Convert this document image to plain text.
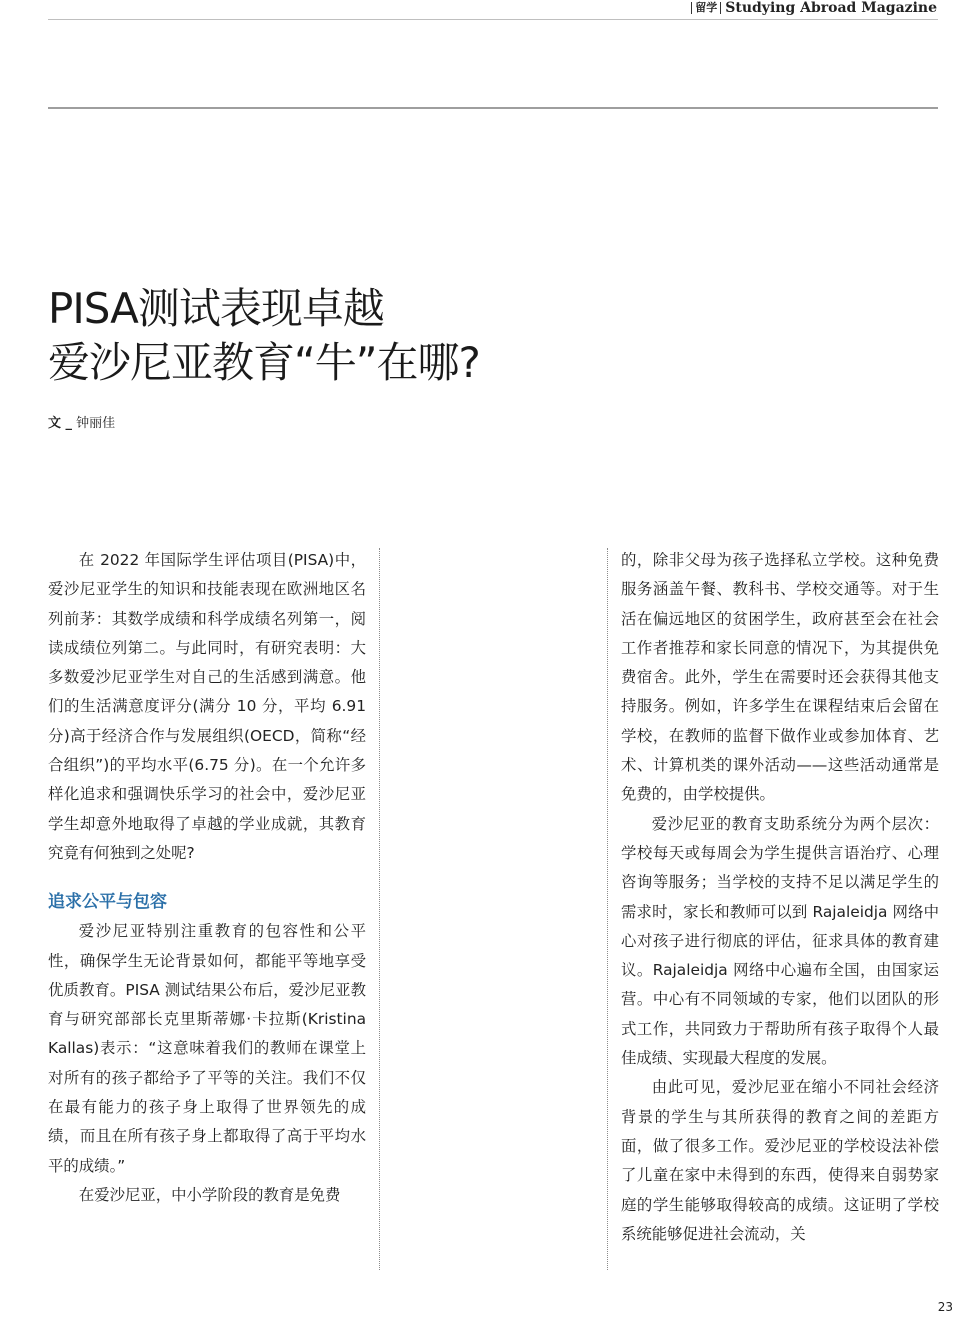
留学 Studying Abroad Magazine
PISA测试表现卓越
爱沙尼亚教育“牛”在哪?
文 _ 钟丽佳

在 2022 年国际学生评估项目(PISA)中，爱沙尼亚学生的知识和技能表现在欧洲地区名列前茅：其数学成绩和科学成绩名列第一，阅读成绩位列第二。与此同时，有研究表明：大多数爱沙尼亚学生对自己的生活感到满意。他们的生活满意度评分(满分 10 分，平均 6.91 分)高于经济合作与发展组织(OECD，简称“经合组织”)的平均水平(6.75 分)。在一个允许多样化追求和强调快乐学习的社会中，爱沙尼亚学生却意外地取得了卓越的学业成就，其教育究竟有何独到之处呢?

追求公平与包容

爱沙尼亚特别注重教育的包容性和公平性，确保学生无论背景如何，都能平等地享受优质教育。PISA 测试结果公布后，爱沙尼亚教育与研究部部长克里斯蒂娜·卡拉斯(Kristina Kallas)表示：“这意味着我们的教师在课堂上对所有的孩子都给予了平等的关注。我们不仅在最有能力的孩子身上取得了世界领先的成绩，而且在所有孩子身上都取得了高于平均水平的成绩。”

在爱沙尼亚，中小学阶段的教育是免费

的，除非父母为孩子选择私立学校。这种免费服务涵盖午餐、教科书、学校交通等。对于生活在偏远地区的贫困学生，政府甚至会在社会工作者推荐和家长同意的情况下，为其提供免费宿舍。此外，学生在需要时还会获得其他支持服务。例如，许多学生在课程结束后会留在学校，在教师的监督下做作业或参加体育、艺术、计算机类的课外活动——这些活动通常是免费的，由学校提供。

爱沙尼亚的教育支助系统分为两个层次：学校每天或每周会为学生提供言语治疗、心理咨询等服务；当学校的支持不足以满足学生的需求时，家长和教师可以到 Rajaleidja 网络中心对孩子进行彻底的评估，征求具体的教育建议。Rajaleidja 网络中心遍布全国，由国家运营。中心有不同领域的专家，他们以团队的形式工作，共同致力于帮助所有孩子取得个人最佳成绩、实现最大程度的发展。

由此可见，爱沙尼亚在缩小不同社会经济背景的学生与其所获得的教育之间的差距方面，做了很多工作。爱沙尼亚的学校设法补偿了儿童在家中未得到的东西，使得来自弱势家庭的学生能够取得较高的成绩。这证明了学校系统能够促进社会流动，关

23
